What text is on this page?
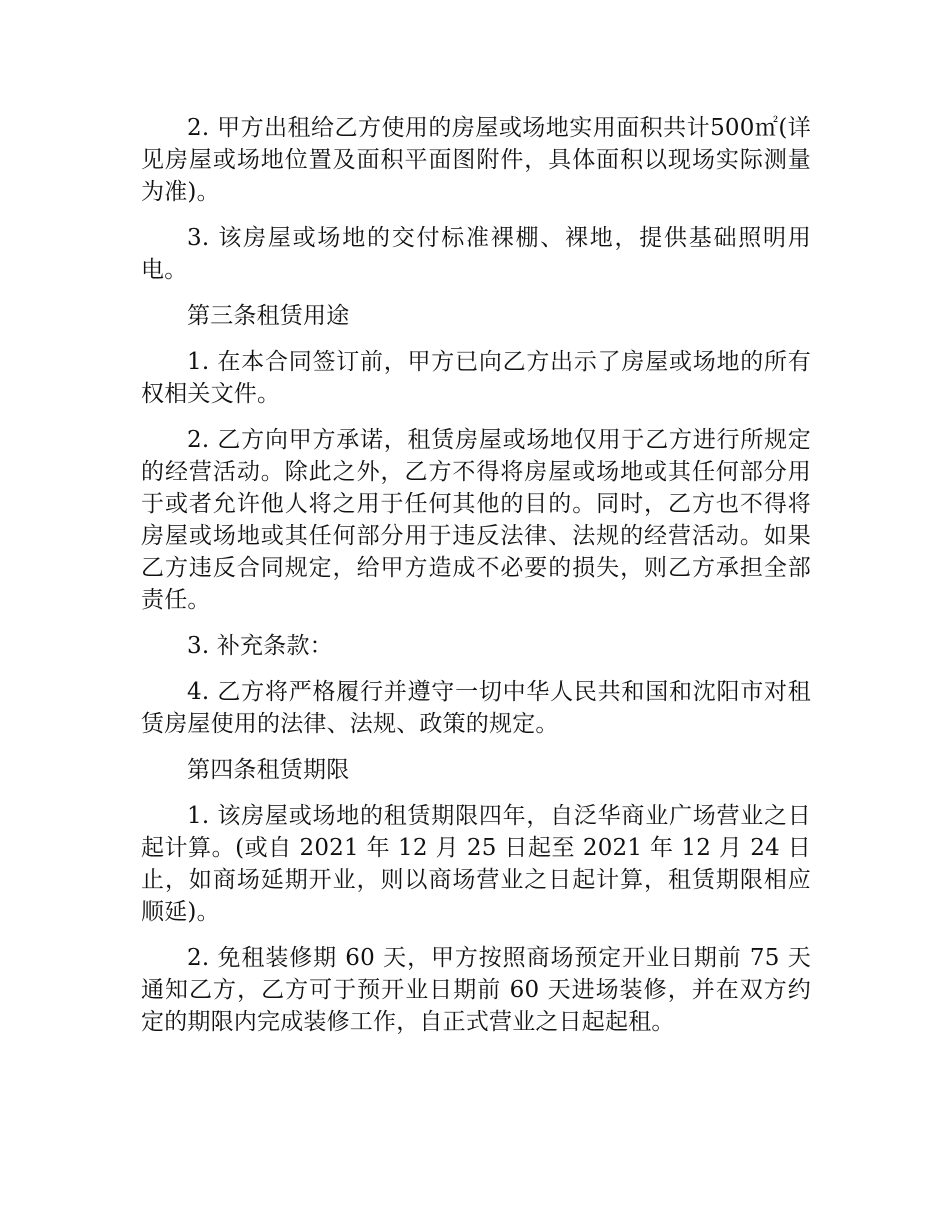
2. 甲方出租给乙方使用的房屋或场地实用面积共计500㎡(详见房屋或场地位置及面积平面图附件，具体面积以现场实际测量为准)。

3. 该房屋或场地的交付标准裸棚、裸地，提供基础照明用电。

第三条租赁用途

1. 在本合同签订前，甲方已向乙方出示了房屋或场地的所有权相关文件。

2. 乙方向甲方承诺，租赁房屋或场地仅用于乙方进行所规定的经营活动。除此之外，乙方不得将房屋或场地或其任何部分用于或者允许他人将之用于任何其他的目的。同时，乙方也不得将房屋或场地或其任何部分用于违反法律、法规的经营活动。如果乙方违反合同规定，给甲方造成不必要的损失，则乙方承担全部责任。

3. 补充条款：

4. 乙方将严格履行并遵守一切中华人民共和国和沈阳市对租赁房屋使用的法律、法规、政策的规定。

第四条租赁期限

1. 该房屋或场地的租赁期限四年，自泛华商业广场营业之日起计算。(或自 2021 年 12 月 25 日起至 2021 年 12 月 24 日止，如商场延期开业，则以商场营业之日起计算，租赁期限相应顺延)。

2. 免租装修期 60 天，甲方按照商场预定开业日期前 75 天通知乙方，乙方可于预开业日期前 60 天进场装修，并在双方约定的期限内完成装修工作，自正式营业之日起起租。
